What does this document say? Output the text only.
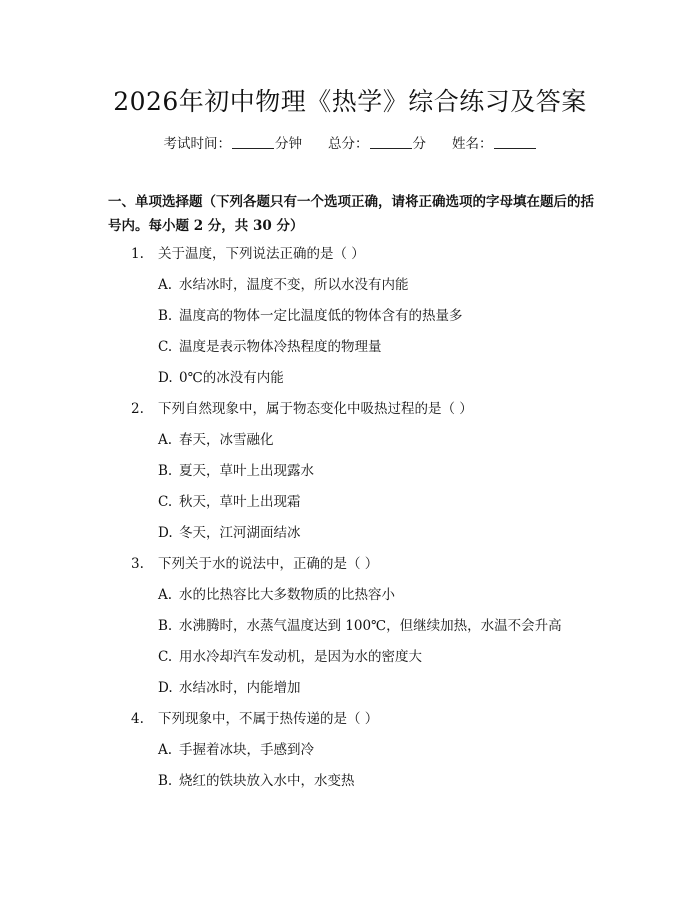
2026年初中物理《热学》综合练习及答案
考试时间：	分钟 总分：	分 姓名：
一、单项选择题（下列各题只有一个选项正确，请将正确选项的字母填在题后的括号内。每小题 2 分，共 30 分）
1. 关于温度，下列说法正确的是（ ）
A. 水结冰时，温度不变，所以水没有内能
B. 温度高的物体一定比温度低的物体含有的热量多
C. 温度是表示物体冷热程度的物理量
D. 0℃的冰没有内能
2. 下列自然现象中，属于物态变化中吸热过程的是（ ）
A. 春天，冰雪融化
B. 夏天，草叶上出现露水
C. 秋天，草叶上出现霜
D. 冬天，江河湖面结冰
3. 下列关于水的说法中，正确的是（ ）
A. 水的比热容比大多数物质的比热容小
B. 水沸腾时，水蒸气温度达到 100℃，但继续加热，水温不会升高
C. 用水冷却汽车发动机，是因为水的密度大
D. 水结冰时，内能增加
4. 下列现象中，不属于热传递的是（ ）
A. 手握着冰块，手感到冷
B. 烧红的铁块放入水中，水变热
